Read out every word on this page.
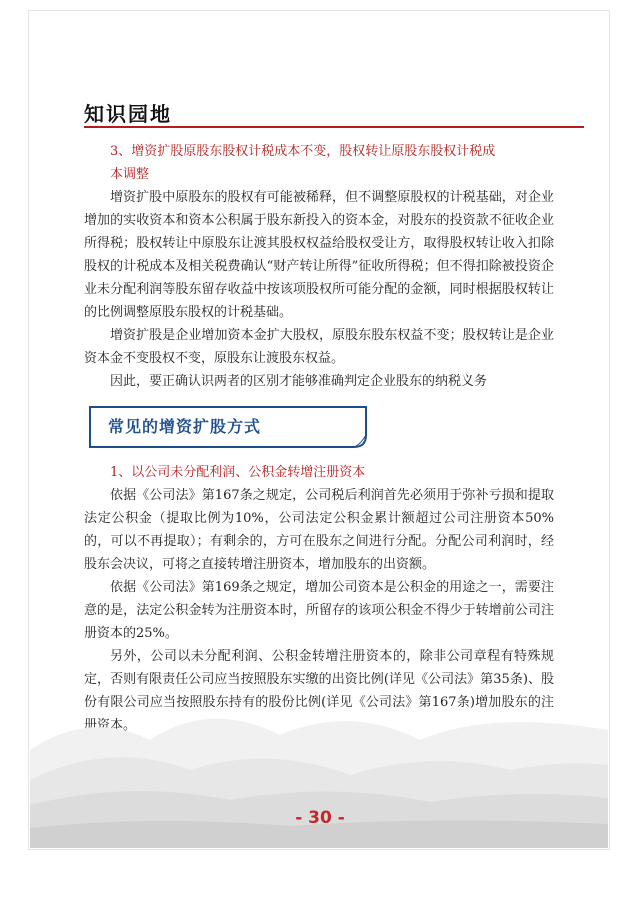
知识园地
3、增资扩股原股东股权计税成本不变，股权转让原股东股权计税成
本调整

增资扩股中原股东的股权有可能被稀释，但不调整原股权的计税基础，对企业增加的实收资本和资本公积属于股东新投入的资本金，对股东的投资款不征收企业所得税；股权转让中原股东让渡其股权权益给股权受让方，取得股权转让收入扣除股权的计税成本及相关税费确认“财产转让所得”征收所得税；但不得扣除被投资企业未分配利润等股东留存收益中按该项股权所可能分配的金额，同时根据股权转让的比例调整原股东股权的计税基础。

增资扩股是企业增加资本金扩大股权，原股东股东权益不变；股权转让是企业资本金不变股权不变，原股东让渡股东权益。

因此，要正确认识两者的区别才能够准确判定企业股东的纳税义务

常见的增资扩股方式
1、以公司未分配利润、公积金转增注册资本

依据《公司法》第167条之规定，公司税后利润首先必须用于弥补亏损和提取法定公积金（提取比例为10%，公司法定公积金累计额超过公司注册资本50%的，可以不再提取）；有剩余的，方可在股东之间进行分配。分配公司利润时，经股东会决议，可将之直接转增注册资本，增加股东的出资额。

依据《公司法》第169条之规定，增加公司资本是公积金的用途之一，需要注意的是，法定公积金转为注册资本时，所留存的该项公积金不得少于转增前公司注册资本的25%。

另外，公司以未分配利润、公积金转增注册资本的，除非公司章程有特殊规定，否则有限责任公司应当按照股东实缴的出资比例(详见《公司法》第35条)、股份有限公司应当按照股东持有的股份比例(详见《公司法》第167条)增加股东的注册资本。

- 30 -
